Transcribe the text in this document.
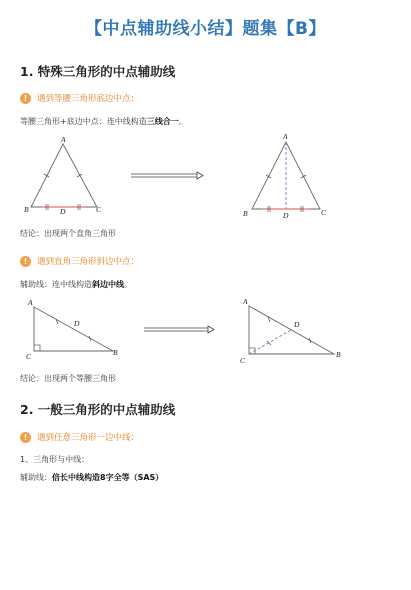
【中点辅助线小结】题集【B】
1. 特殊三角形的中点辅助线
!	遇到等腰三角形底边中点：
等腰三角形+底边中点：连中线构造三线合一。
A
B	D	C
A
B	D	C
结论：出现两个直角三角形
!	遇到直角三角形斜边中点：
辅助线：连中线构造斜边中线。
A
C
D
B
A
C
D
B
结论：出现两个等腰三角形
2. 一般三角形的中点辅助线
!	遇到任意三角形一边中线：
1、三角形与中线：
辅助线：倍长中线构造8字全等（SAS）
